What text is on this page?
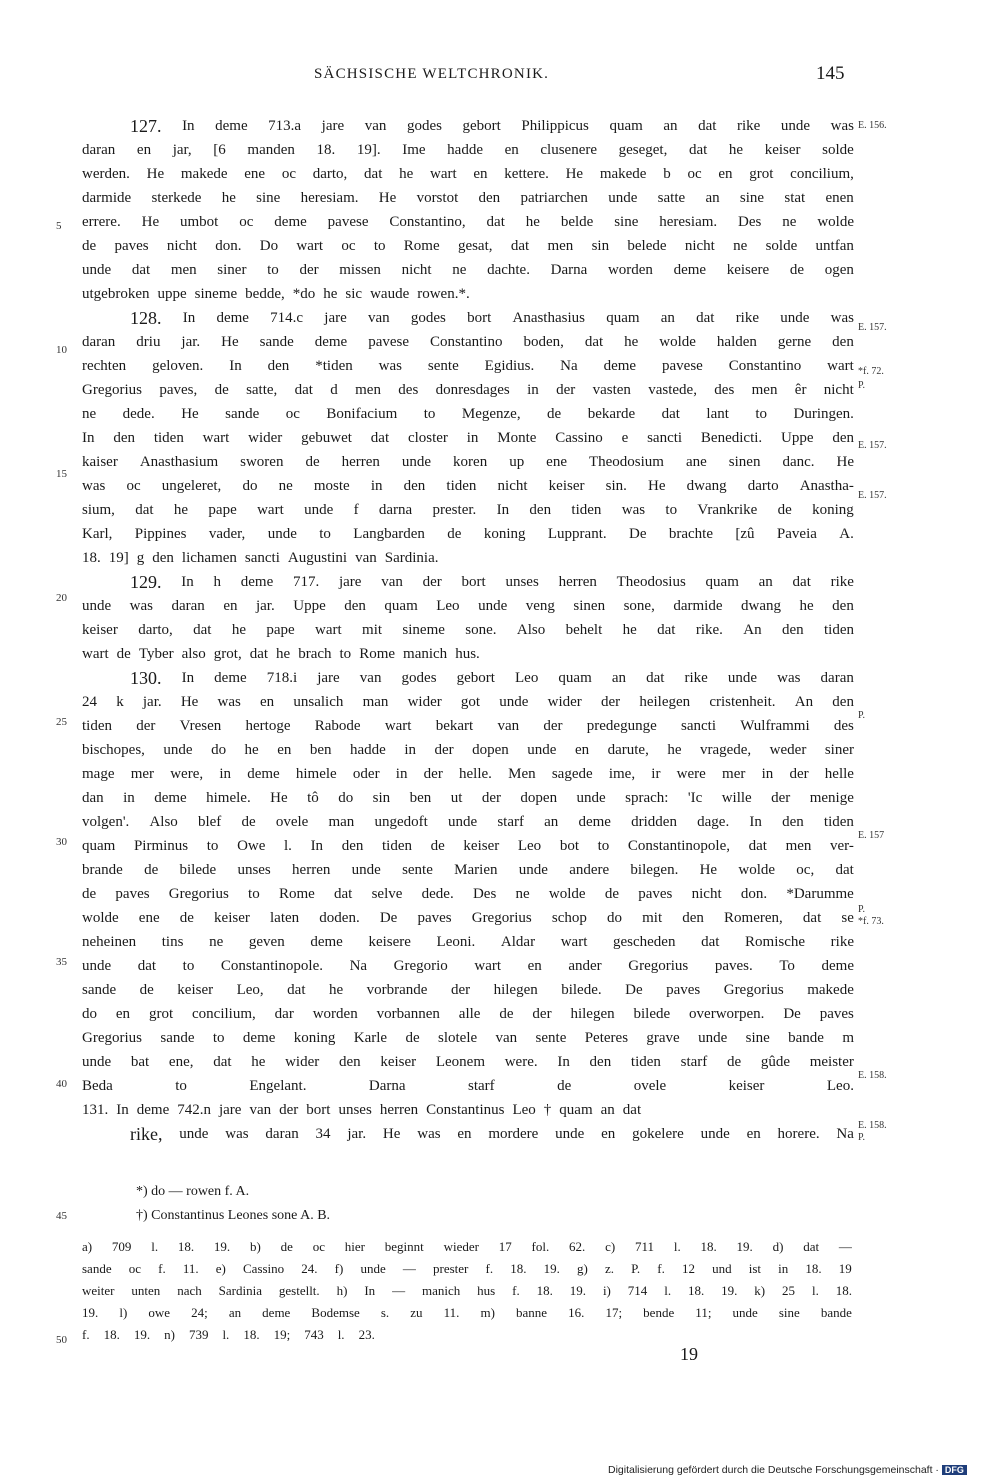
SÄCHSISCHE WELTCHRONIK.	145
127. In deme 713.a jare van godes gebort Philippicus quam an dat rike unde was
daran en jar, [6 manden 18. 19]. Ime hadde en clusenere geseget, dat he keiser solde
werden. He makede ene oc darto, dat he wart en kettere. He makede b oc en grot concilium,
darmide sterkede he sine heresiam. He vorstot den patriarchen unde satte an sine stat enen
errere. He umbot oc deme pavese Constantino, dat he belde sine heresiam. Des ne wolde
de paves nicht don. Do wart oc to Rome gesat, dat men sin belede nicht ne solde untfan
unde dat men siner to der missen nicht ne dachte. Darna worden deme keisere de ogen
utgebroken uppe sineme bedde, *do he sic waude rowen.*.
128. In deme 714.c jare van godes bort Anasthasius quam an dat rike unde was
daran driu jar. He sande deme pavese Constantino boden, dat he wolde halden gerne den
rechten geloven. In den *tiden was sente Egidius. Na deme pavese Constantino wart
Gregorius paves, de satte, dat d men des donresdages in der vasten vastede, des men êr nicht
ne dede. He sande oc Bonifacium to Megenze, de bekarde dat lant to Duringen.
In den tiden wart wider gebuwet dat closter in Monte Cassino e sancti Benedicti. Uppe den
kaiser Anasthasium sworen de herren unde koren up ene Theodosium ane sinen danc. He
was oc ungeleret, do ne moste in den tiden nicht keiser sin. He dwang darto Anastha-
sium, dat he pape wart unde f darna prester. In den tiden was to Vrankrike de koning
Karl, Pippines vader, unde to Langbarden de koning Lupprant. De brachte [zû Paveia A.
18. 19] g den lichamen sancti Augustini van Sardinia.
129. In h deme 717. jare van der bort unses herren Theodosius quam an dat rike
unde was daran en jar. Uppe den quam Leo unde veng sinen sone, darmide dwang he den
keiser darto, dat he pape wart mit sineme sone. Also behelt he dat rike. An den tiden
wart de Tyber also grot, dat he brach to Rome manich hus.
130. In deme 718.i jare van godes gebort Leo quam an dat rike unde was daran
24 k jar. He was en unsalich man wider got unde wider der heilegen cristenheit. An den
tiden der Vresen hertoge Rabode wart bekart van der predegunge sancti Wulframmi des
bischopes, unde do he en ben hadde in der dopen unde en darute, he vragede, weder siner
mage mer were, in deme himele oder in der helle. Men sagede ime, ir were mer in der helle
dan in deme himele. He tô do sin ben ut der dopen unde sprach: 'Ic wille der menige
volgen'. Also blef de ovele man ungedoft unde starf an deme dridden dage. In den tiden
quam Pirminus to Owe l. In den tiden de keiser Leo bot to Constantinopole, dat men ver-
brande de bilede unses herren unde sente Marien unde andere bilegen. He wolde oc, dat
de paves Gregorius to Rome dat selve dede. Des ne wolde de paves nicht don. *Darumme
wolde ene de keiser laten doden. De paves Gregorius schop do mit den Romeren, dat se
neheinen tins ne geven deme keisere Leoni. Aldar wart gescheden dat Romische rike
unde dat to Constantinopole. Na Gregorio wart en ander Gregorius paves. To deme
sande de keiser Leo, dat he vorbrande der hilegen bilede. De paves Gregorius makede
do en grot concilium, dar worden vorbannen alle de der hilegen bilede overworpen. De paves
Gregorius sande to deme koning Karle de slotele van sente Peteres grave unde sine bande m
unde bat ene, dat he wider den keiser Leonem were. In den tiden starf de gûde meister
Beda	to	Engelant.	Darna	starf	de	ovele	keiser	Leo.
131. In deme 742.n jare van der bort unses herren Constantinus Leo † quam an dat
rike, unde was daran 34 jar. He was en mordere unde en gokelere unde en horere. Na
5
10
15
20
25
30
35
40
45
50
E. 156.
E. 157.
*f. 72.
P.
E. 157.
E. 157.
P.
E. 157
P.
*f. 73.
E. 158.
E. 158.
P.
*) do — rowen f. A.
†) Constantinus Leones sone A. B.
a) 709 l. 18. 19. b) de oc hier beginnt wieder 17 fol. 62. c) 711 l. 18. 19. d) dat —
sande oc f. 11. e) Cassino 24. f) unde — prester f. 18. 19. g) z. P. f. 12 und ist in 18. 19
weiter unten nach Sardinia gestellt. h) In — manich hus f. 18. 19. i) 714 l. 18. 19. k) 25 l. 18.
19. l) owe 24; an deme Bodemse s. zu 11. m) banne 16. 17; bende 11; unde sine bande
f. 18. 19. n) 739 l. 18. 19; 743 l. 23.
19
Digitalisierung gefördert durch die Deutsche Forschungsgemeinschaft · DFG
